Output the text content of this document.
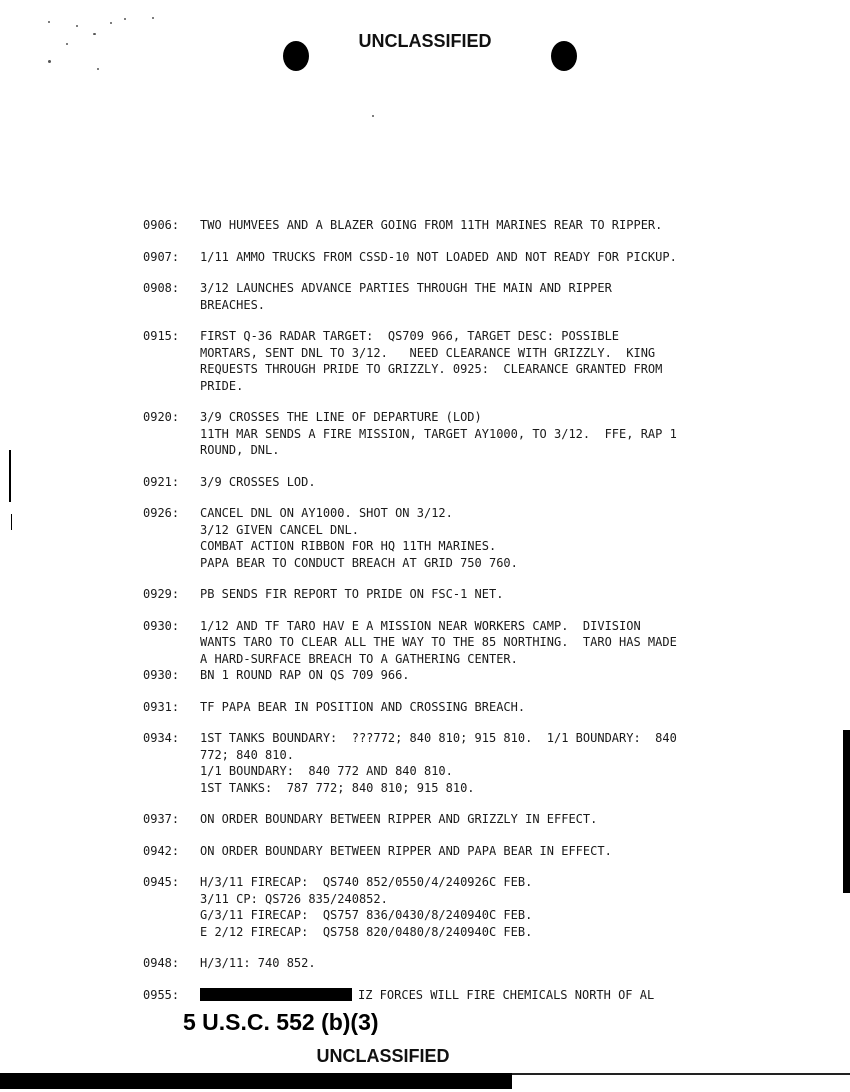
UNCLASSIFIED
0906:	TWO HUMVEES AND A BLAZER GOING FROM 11TH MARINES REAR TO RIPPER.
0907:	1/11 AMMO TRUCKS FROM CSSD-10 NOT LOADED AND NOT READY FOR PICKUP.
0908:	3/12 LAUNCHES ADVANCE PARTIES THROUGH THE MAIN AND RIPPER
BREACHES.
0915:	FIRST Q-36 RADAR TARGET:  QS709 966, TARGET DESC: POSSIBLE
MORTARS, SENT DNL TO 3/12.   NEED CLEARANCE WITH GRIZZLY.  KING
REQUESTS THROUGH PRIDE TO GRIZZLY. 0925:  CLEARANCE GRANTED FROM
PRIDE.
0920:	3/9 CROSSES THE LINE OF DEPARTURE (LOD)
11TH MAR SENDS A FIRE MISSION, TARGET AY1000, TO 3/12.  FFE, RAP 1
ROUND, DNL.
0921:	3/9 CROSSES LOD.
0926:	CANCEL DNL ON AY1000. SHOT ON 3/12.
3/12 GIVEN CANCEL DNL.
COMBAT ACTION RIBBON FOR HQ 11TH MARINES.
PAPA BEAR TO CONDUCT BREACH AT GRID 750 760.
0929:	PB SENDS FIR REPORT TO PRIDE ON FSC-1 NET.
0930:	1/12 AND TF TARO HAV E A MISSION NEAR WORKERS CAMP.  DIVISION
WANTS TARO TO CLEAR ALL THE WAY TO THE 85 NORTHING.  TARO HAS MADE
A HARD-SURFACE BREACH TO A GATHERING CENTER.
0930:	BN 1 ROUND RAP ON QS 709 966.
0931:	TF PAPA BEAR IN POSITION AND CROSSING BREACH.
0934:	1ST TANKS BOUNDARY:  ???772; 840 810; 915 810.  1/1 BOUNDARY:  840
772; 840 810.
1/1 BOUNDARY:  840 772 AND 840 810.
1ST TANKS:  787 772; 840 810; 915 810.
0937:	ON ORDER BOUNDARY BETWEEN RIPPER AND GRIZZLY IN EFFECT.
0942:	ON ORDER BOUNDARY BETWEEN RIPPER AND PAPA BEAR IN EFFECT.
0945:	H/3/11 FIRECAP:  QS740 852/0550/4/240926C FEB.
3/11 CP: QS726 835/240852.
G/3/11 FIRECAP:  QS757 836/0430/8/240940C FEB.
E 2/12 FIRECAP:  QS758 820/0480/8/240940C FEB.
0948:	H/3/11: 740 852.
0955:	IZ FORCES WILL FIRE CHEMICALS NORTH OF AL
5 U.S.C. 552 (b)(3)
UNCLASSIFIED
